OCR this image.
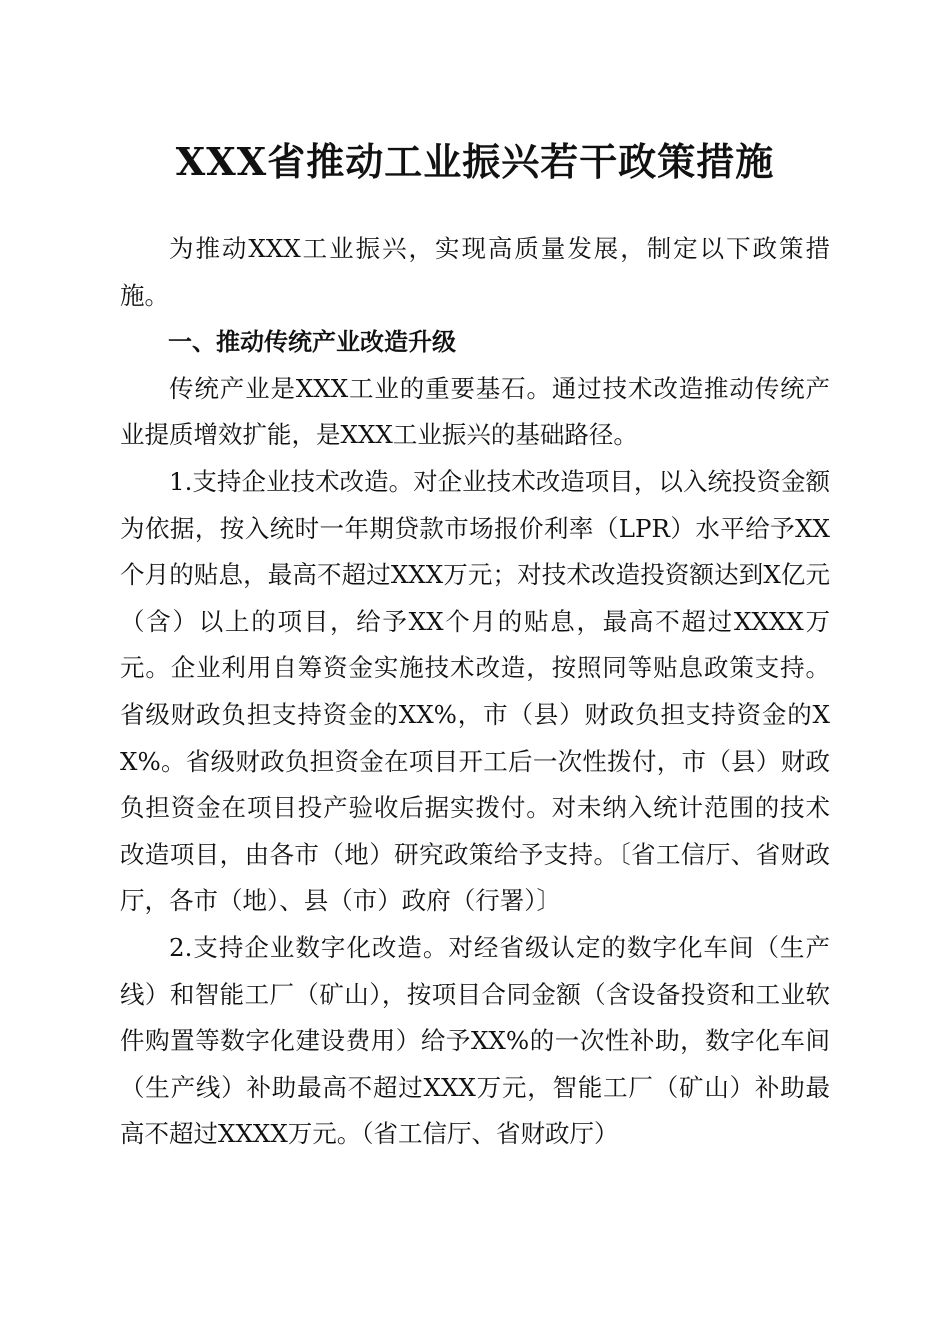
XXX省推动工业振兴若干政策措施

为推动XXX工业振兴，实现高质量发展，制定以下政策措施。

一、推动传统产业改造升级

传统产业是XXX工业的重要基石。通过技术改造推动传统产业提质增效扩能，是XXX工业振兴的基础路径。

1.支持企业技术改造。对企业技术改造项目，以入统投资金额为依据，按入统时一年期贷款市场报价利率（LPR）水平给予XX个月的贴息，最高不超过XXX万元；对技术改造投资额达到X亿元（含）以上的项目，给予XX个月的贴息，最高不超过XXXX万元。企业利用自筹资金实施技术改造，按照同等贴息政策支持。省级财政负担支持资金的XX%，市（县）财政负担支持资金的XX%。省级财政负担资金在项目开工后一次性拨付，市（县）财政负担资金在项目投产验收后据实拨付。对未纳入统计范围的技术改造项目，由各市（地）研究政策给予支持。〔省工信厅、省财政厅，各市（地）、县（市）政府（行署）〕

2.支持企业数字化改造。对经省级认定的数字化车间（生产线）和智能工厂（矿山），按项目合同金额（含设备投资和工业软件购置等数字化建设费用）给予XX%的一次性补助，数字化车间（生产线）补助最高不超过XXX万元，智能工厂（矿山）补助最高不超过XXXX万元。（省工信厅、省财政厅）
